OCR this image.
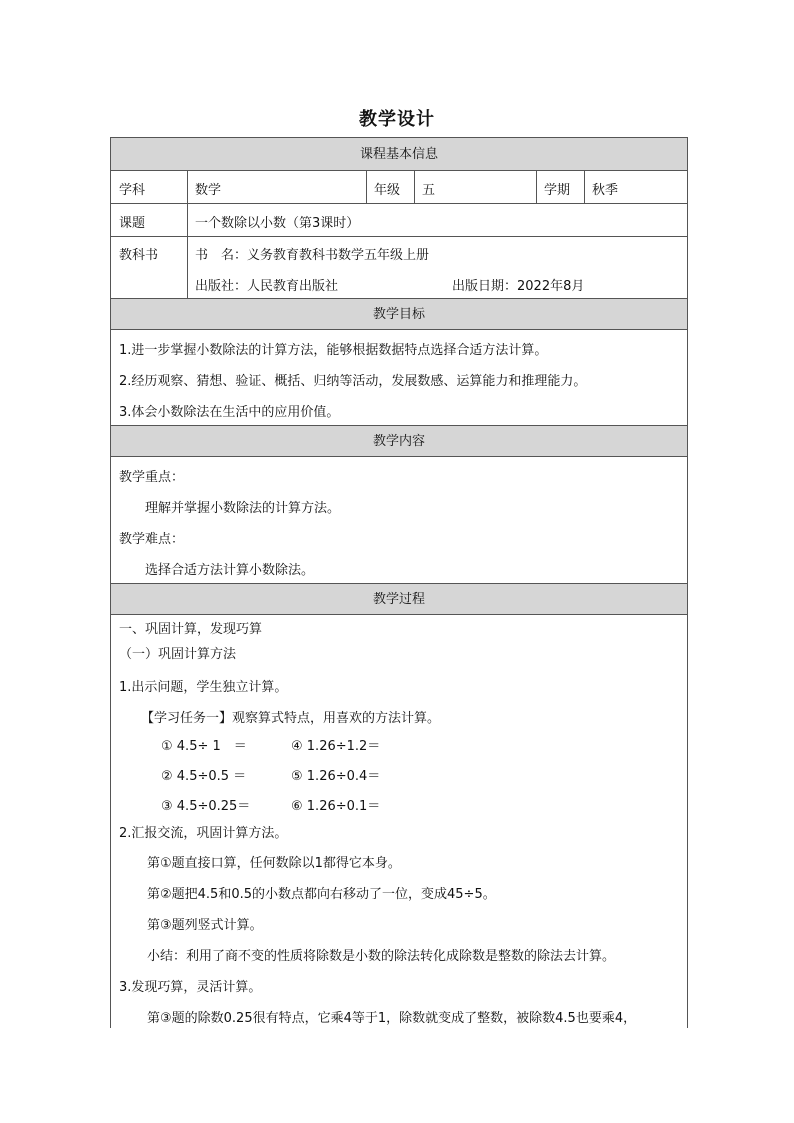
教学设计
课程基本信息
学科	数学	年级 五	学期 秋季
课题	一个数除以小数（第3课时）
教科书	书　名：义务教育教科书数学五年级上册
出版社：人民教育出版社	出版日期：2022年8月
教学目标
1.进一步掌握小数除法的计算方法，能够根据数据特点选择合适方法计算。
2.经历观察、猜想、验证、概括、归纳等活动，发展数感、运算能力和推理能力。
3.体会小数除法在生活中的应用价值。
教学内容
教学重点：
理解并掌握小数除法的计算方法。
教学难点：
选择合适方法计算小数除法。
教学过程
一、巩固计算，发现巧算
（一）巩固计算方法
1.出示问题，学生独立计算。
【学习任务一】观察算式特点，用喜欢的方法计算。
① 4.5÷ 1　＝	④ 1.26÷1.2＝
② 4.5÷0.5 ＝	⑤ 1.26÷0.4＝
③ 4.5÷0.25＝	⑥ 1.26÷0.1＝
2.汇报交流，巩固计算方法。
第①题直接口算，任何数除以1都得它本身。
第②题把4.5和0.5的小数点都向右移动了一位，变成45÷5。
第③题列竖式计算。
小结：利用了商不变的性质将除数是小数的除法转化成除数是整数的除法去计算。
3.发现巧算，灵活计算。
第③题的除数0.25很有特点，它乘4等于1，除数就变成了整数，被除数4.5也要乘4，
